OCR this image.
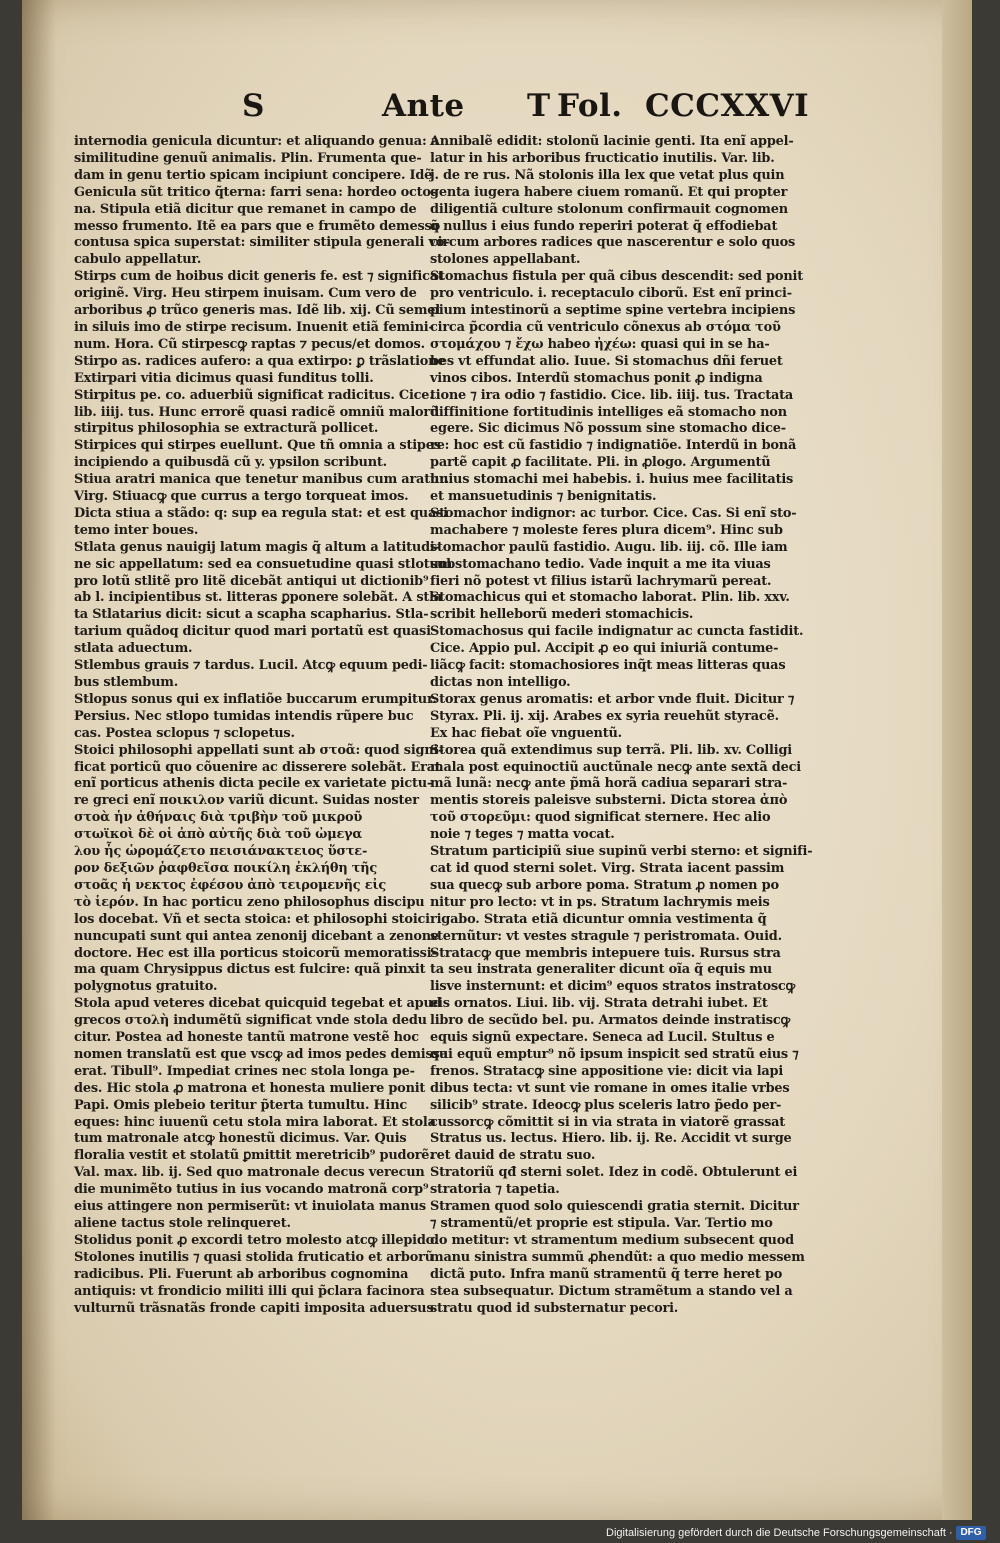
S	Ante T Fol. CCCXXVI
internodia genicula dicuntur: et aliquando genua:
similitudine genuũ animalis. Plin. Frumenta que-
dam in genu tertio spicam incipiunt concipere. Idẽ
Genicula sũt tritico q̃terna: farri sena: hordeo octo-
na. Stipula etiã dicitur que remanet in campo de
messo frumento. Itẽ ea pars que e frumẽto demesso
contusa spica superstat: similiter stipula generali
cabulo appellatur.
Stirps cum de hoibus dicit generis fe. est ⁊ significat
originẽ. Virg. Heu stirpem inuisam. Cum vero de
arboribus ꝓ trũco generis mas. Idẽ lib. xij. Cũ semel
in siluis imo de stirpe recisum. Inuenit etiã femini-
num. Hora. Cũ stirpescꝙ raptas ⁊ pecus/et domos.
Stirpo as. radices aufero: a qua extirpo: ꝑ trãslatione
Extirpari vitia dicimus quasi funditus tolli.
Stirpitus pe. co. aduerbiũ significat radicitus. Cice.
lib. iiij. tus. Hunc errorẽ quasi radicẽ omniũ malorũ
stirpitus philosophia se extracturã pollicet.
Stirpices qui stirpes euellunt. Que tñ omnia a stipes
incipiendo a quibusdã cũ y. ypsilon scribunt.
Stiua aratri manica que tenetur manibus cum aratur.
Virg. Stiuacꝙ que currus a tergo torqueat imos.
Dicta stiua a stãdo: q: sup ea regula stat: et est
temo inter boues.
Stlata genus nauigij latum magis q̃ altum a latitudi-
ne sic appellatum: sed ea consuetudine quasi stlotum
pro lotũ stlitẽ pro litẽ dicebãt antiqui ut dictionib⁹
ab l. incipientibus st. litteras ꝑponere solebãt. A
ta Stlatarius dicit: sicut a scapha scapharius. Stla-
tarium quãdoq dicitur quod mari portatũ est quasi
stlata aduectum.
Stlembus grauis ⁊ tardus. Lucil. Atcꝙ equum pedi-
bus stlembum.
Stlopus sonus qui ex inflatiõe buccarum erumpitur.
Persius. Nec stlopo tumidas intendis rũpere buc
cas. Postea sclopus ⁊ sclopetus.
Stoici philosophi appellati sunt ab στοᾶ: quod signi-
ficat porticũ quo cõuenire ac disserere solebãt. Erat
enĩ porticus athenis dicta pecile ex varietate pictu-
re greci enĩ ποικιλον variũ dicunt. Suidas noster
στοὰ ἡν ἀθήναις διὰ τριβὴν τοῦ μικροῦ
στωϊκοὶ δὲ οἱ ἀπὸ αὐτῆς διὰ τοῦ ὠμεγα
λου ἧς ὡρομάζετο πεισιάνακτειος ὕστε-
ρον δεξιῶν ῥαφθεῖσα ποικίλη ἐκλήθη τῆς
στοᾶς ἡ νεκτος ἐφέσου ἀπὸ τειρομενῆς εἰς
τὸ ἱερόν. In hac porticu zeno philosophus discipu
los docebat. Vñ et secta stoica: et philosophi stoici
nuncupati sunt qui antea zenonij dicebant a zenone
doctore. Hec est illa porticus stoicorũ memoratissi-
ma quam Chrysippus dictus est fulcire: quã pinxit
polygnotus gratuito.
Stola apud veteres dicebat quicquid tegebat et apud
grecos στολὴ indumẽtũ significat vnde stola dedu
citur. Postea ad honeste tantũ matrone vestẽ hoc
nomen translatũ est que vscꝙ ad imos pedes demissa
erat. Tibull⁹. Impediat crines nec stola longa pe-
des. Hic stola ꝓ matrona et honesta muliere ponit
Papi. Omis plebeio teritur p̃terta tumultu. Hinc
eques: hinc iuuenũ cetu stola mira laborat. Et stola
tum matronale atcꝙ honestũ dicimus. Var. Quis
floralia vestit et stolatũ ꝑmittit meretricib⁹ pudorẽ.
Val. max. lib. ij. Sed quo matronale decus verecun
die munimẽto tutius in ius vocando matronã corp⁹
eius attingere non permiserũt: vt inuiolata manus
aliene tactus stole relinqueret.
Stolidus ponit ꝓ excordi tetro molesto atcꝙ illepido.
Stolones inutilis ⁊ quasi stolida fruticatio et arborũ
radicibus. Pli. Fuerunt ab arboribus cognomina
antiquis: vt frondicio militi illi qui p̃clara facinora
vulturnũ trãsnatãs fronde capiti imposita aduersus
Annibalẽ edidit: stolonũ lacinie genti. Ita enĩ appel-
latur in his arboribus fructicatio inutilis. Var. lib.
j. de re rus. Nã stolonis illa lex que vetat plus quin
genta iugera habere ciuem romanũ. Et qui propter
diligentiã culture stolonum confirmauit cognomen
q̃ nullus i eius fundo reperiri poterat q̃ effodiebat
circum arbores radices que nascerentur e solo quos
stolones appellabant.
Stomachus fistula per quã cibus descendit: sed ponit
pro ventriculo. i. receptaculo ciborũ. Est enĩ princi-
pium intestinorũ a septime spine vertebra incipiens
circa p̃cordia cũ ventriculo cõnexus ab στόμα τοῦ
στομάχου ⁊ ἔχω habeo ἠχέω: quasi qui in se ha-
bes vt effundat alio. Iuue. Si stomachus dñi feruet
vinos cibos. Interdũ stomachus ponit ꝓ indigna
tione ⁊ ira odio ⁊ fastidio. Cice. lib. iiij. tus. Tractata
diffinitione fortitudinis intelliges eã stomacho non
egere. Sic dicimus Nõ possum sine stomacho dice-
re: hoc est cũ fastidio ⁊ indignatiõe. Interdũ in bonã
partẽ capit ꝓ facilitate. Pli. in ꝓlogo. Argumentũ
huius stomachi mei habebis. i. huius mee facilitatis
et mansuetudinis ⁊ benignitatis.
Stomachor indignor: ac turbor. Cice. Cas. Si enĩ sto-
machabere ⁊ moleste feres plura dicem⁹. Hinc sub
stomachor paulũ fastidio. Augu. lib. iij. cõ. Ille iam
substomachano tedio. Vade inquit a me ita viuas
fieri nõ potest vt filius istarũ lachrymarũ pereat.
Stomachicus qui et stomacho laborat. Plin. lib. xxv.
scribit helleborũ mederi stomachicis.
Stomachosus qui facile indignatur ac cuncta fastidit.
Cice. Appio pul. Accipit ꝓ eo qui iniuriã contume-
liãcꝙ facit: stomachosiores inq̃t meas litteras quas
dictas non intelligo.
Storax genus aromatis: et arbor vnde fluit. Dicitur ⁊
Styrax. Pli. ij. xij. Arabes ex syria reuehũt styracẽ.
Ex hac fiebat oĩe vnguentũ.
Storea quã extendimus sup terrã. Pli. lib. xv. Colligi
mala post equinoctiũ auctũnale necꝙ ante sextã deci
mã lunã: necꝙ ante p̃mã horã cadiua separari stra-
mentis storeis paleisve substerni. Dicta storea ἀπὸ
τοῦ στορεῦμι: quod significat sternere. Hec alio
noie ⁊ teges ⁊ matta vocat.
Stratum participiũ siue supinũ verbi sterno: et signifi-
cat id quod sterni solet. Virg. Strata iacent passim
sua quecꝙ sub arbore poma. Stratum ꝓ nomen po
nitur pro lecto: vt in ps. Stratum lachrymis meis
rigabo. Strata etiã dicuntur omnia vestimenta q̃
sternũtur: vt vestes stragule ⁊ peristromata. Ouid.
Stratacꝙ que membris intepuere tuis. Rursus stra
ta seu instrata generaliter dicunt oĩa q̃ equis mu
lisve insternunt: et dicim⁹ equos stratos instratoscꝙ
eis ornatos. Liui. lib. vij. Strata detrahi iubet. Et
libro de secũdo bel. pu. Armatos deinde instratiscꝙ
equis signũ expectare. Seneca ad Lucil. Stultus e
qui equũ emptur⁹ nõ ipsum inspicit sed stratũ eius ⁊
frenos. Stratacꝙ sine appositione vie: dicit via lapi
dibus tecta: vt sunt vie romane in omes italie vrbes
silicib⁹ strate. Ideocꝙ plus sceleris latro p̃edo per-
cussorcꝙ cõmittit si in via strata in viatorẽ grassat
Stratus us. lectus. Hiero. lib. ij. Re. Accidit vt surge
ret dauid de stratu suo.
Stratoriũ qđ sterni solet. Idez in codẽ. Obtulerunt ei
stratoria ⁊ tapetia.
Stramen quod solo quiescendi gratia sternit. Dicitur
⁊ stramentũ/et proprie est stipula. Var. Tertio mo
do metitur: vt stramentum medium subsecent quod
manu sinistra summũ ꝓhendũt: a quo medio messem
dictã puto. Infra manũ stramentũ q̃ terre heret po
stea subsequatur. Dictum stramẽtum a stando vel a
stratu quod id substernatur pecori.
Digitalisierung gefördert durch die Deutsche Forschungsgemeinschaft · DFG
